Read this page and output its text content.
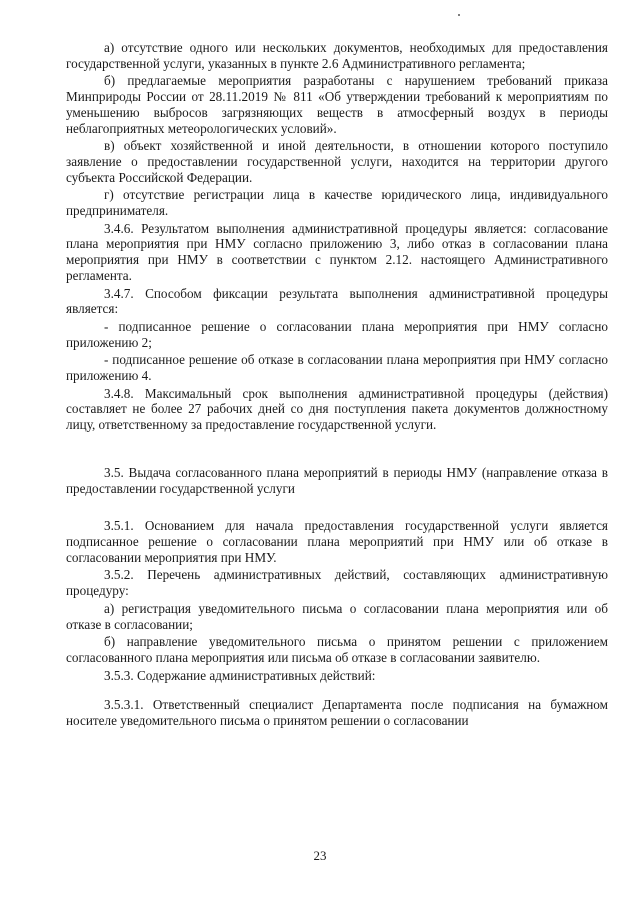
а) отсутствие одного или нескольких документов, необходимых для предоставления государственной услуги, указанных в пункте 2.6 Административного регламента;

б) предлагаемые мероприятия разработаны с нарушением требований приказа Минприроды России от 28.11.2019 № 811 «Об утверждении требований к мероприятиям по уменьшению выбросов загрязняющих веществ в атмосферный воздух в периоды неблагоприятных метеорологических условий».

в) объект хозяйственной и иной деятельности, в отношении которого поступило заявление о предоставлении государственной услуги, находится на территории другого субъекта Российской Федерации.

г) отсутствие регистрации лица в качестве юридического лица, индивидуального предпринимателя.

3.4.6. Результатом выполнения административной процедуры является: согласование плана мероприятия при НМУ согласно приложению 3, либо отказ в согласовании плана мероприятия при НМУ в соответствии с пунктом 2.12. настоящего Административного регламента.

3.4.7. Способом фиксации результата выполнения административной процедуры является:

- подписанное решение о согласовании плана мероприятия при НМУ согласно приложению 2;

- подписанное решение об отказе в согласовании плана мероприятия при НМУ согласно приложению 4.

3.4.8. Максимальный срок выполнения административной процедуры (действия) составляет не более 27 рабочих дней со дня поступления пакета документов должностному лицу, ответственному за предоставление государственной услуги.

3.5. Выдача согласованного плана мероприятий в периоды НМУ (направление отказа в предоставлении государственной услуги

3.5.1. Основанием для начала предоставления государственной услуги является подписанное решение о согласовании плана мероприятий при НМУ или об отказе в согласовании мероприятия при НМУ.

3.5.2. Перечень административных действий, составляющих административную процедуру:

а) регистрация уведомительного письма о согласовании плана мероприятия или об отказе в согласовании;

б) направление уведомительного письма о принятом решении с приложением согласованного плана мероприятия или письма об отказе в согласовании заявителю.

3.5.3. Содержание административных действий:

3.5.3.1. Ответственный специалист Департамента после подписания на бумажном носителе уведомительного письма о принятом решении о согласовании

23
